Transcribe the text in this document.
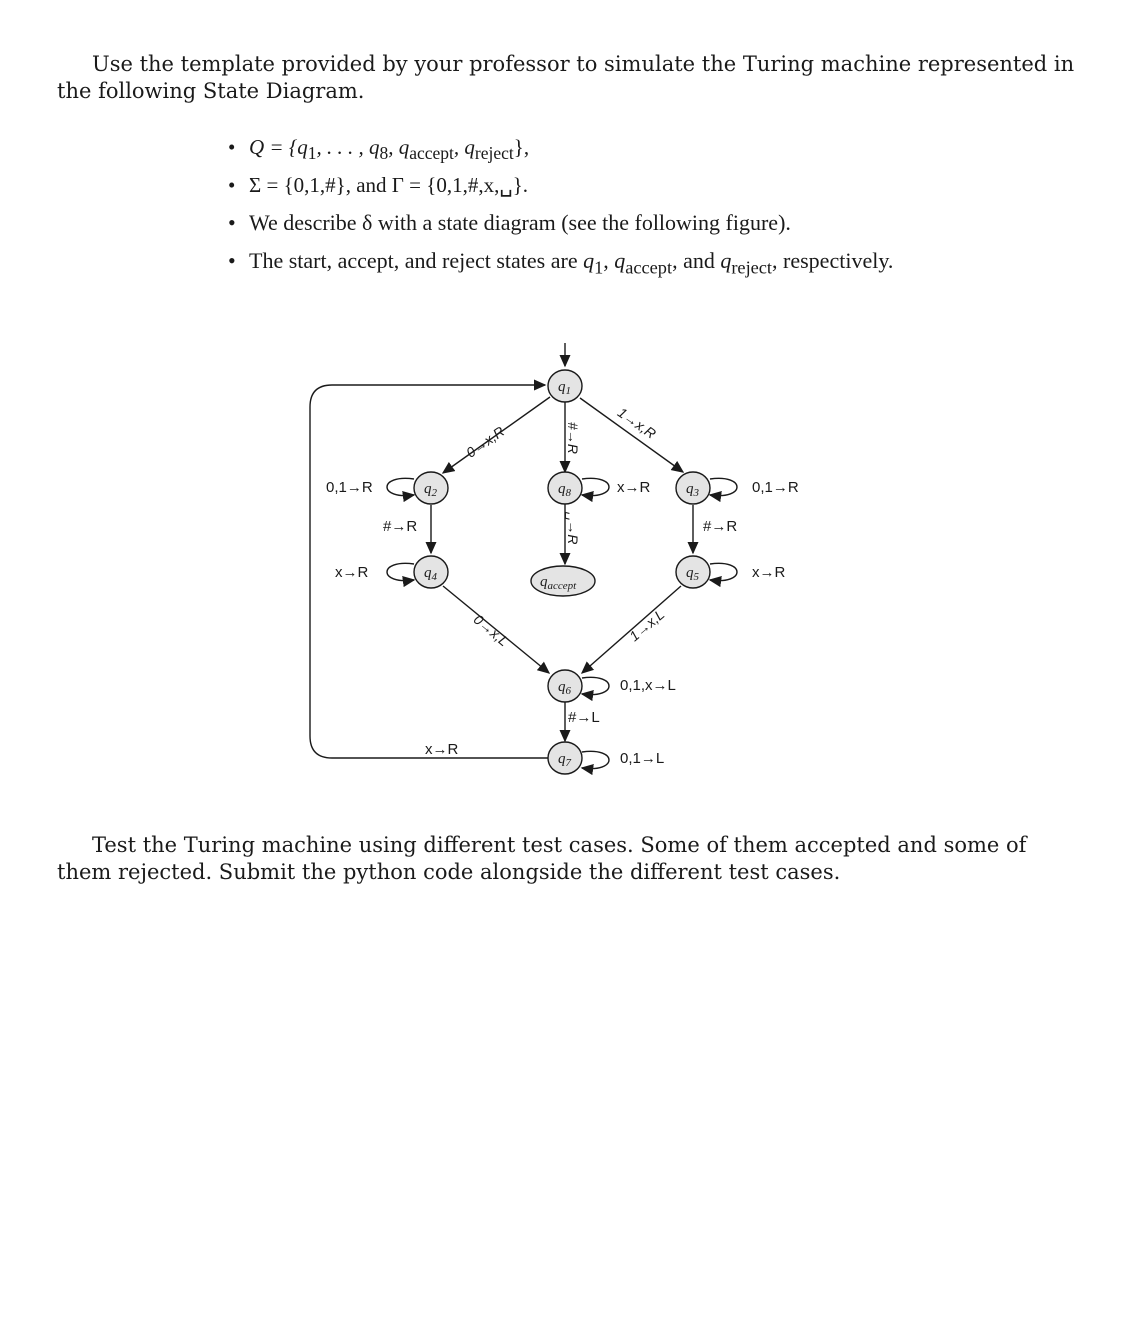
Use the template provided by your professor to simulate the Turing machine represented in the following State Diagram.

• $Q = \{q_1$, . . . , $q_8$, $q_{accept}$, $q_{reject}$},
• Σ = {0,1,#}, and Γ = {0,1,#,x,␣}.
• We describe δ with a state diagram (see the following figure).
• The start, accept, and reject states are $q_1$, $q_{accept}$, and $q_{reject}$, respectively.
$q_1$
$q_2$	$q_3$
$q_4$	$q_5$
$q_6$
$q_7$
$q_8$
$q_{accept}$
0→x,R
1→x,R
#→R
␣→R
0→x,L	1→x,L
0,1→R
#→R
x→R
0,1→R
#→R
x→R
x→R
0,1,x→L
#→L
0,1→L
x→R

Test the Turing machine using different test cases. Some of them accepted and some of them rejected. Submit the python code alongside the different test cases.
